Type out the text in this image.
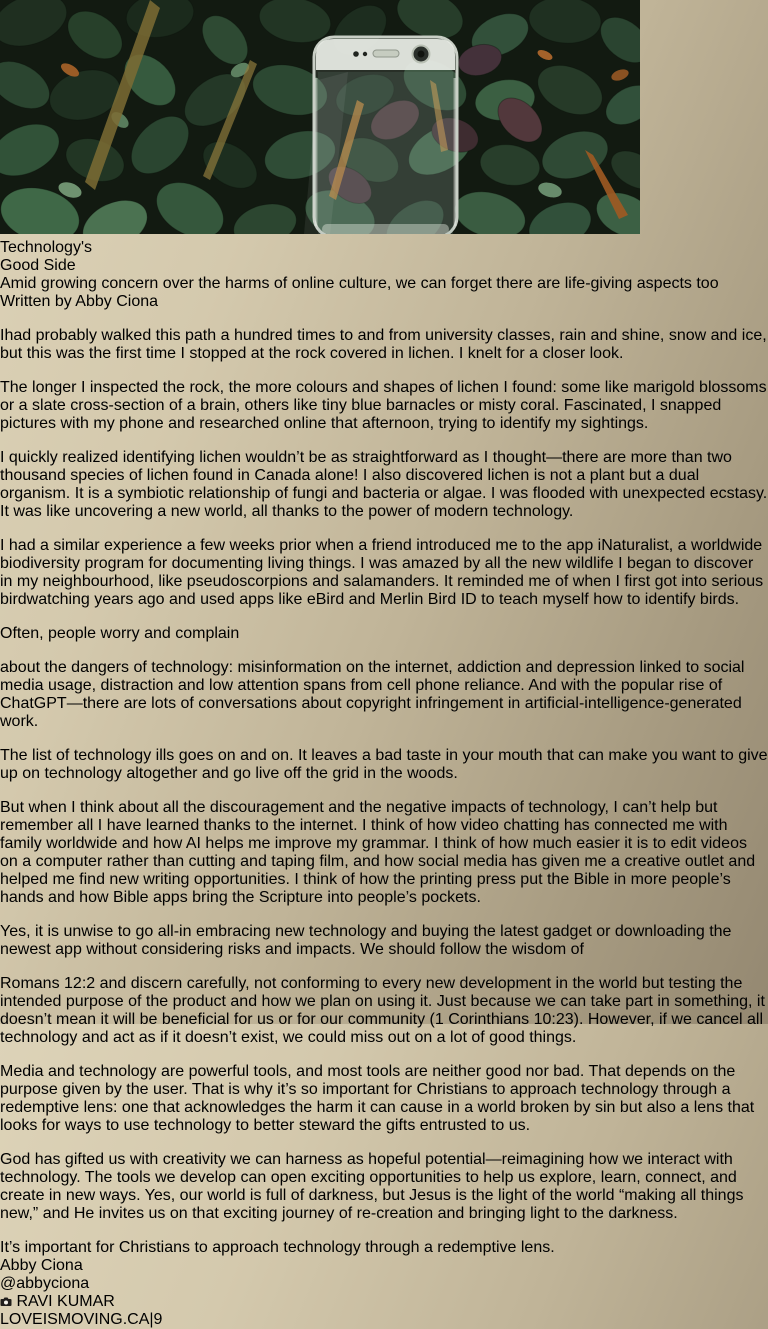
Technology's
Good Side
Amid growing concern over the harms of online culture, we can forget there are life-giving aspects too
Written by Abby Ciona

Ihad probably walked this path a hundred times to and from university classes, rain and shine, snow and ice, but this was the first time I stopped at the rock covered in lichen. I knelt for a closer look.

The longer I inspected the rock, the more colours and shapes of lichen I found: some like marigold blossoms or a slate cross-section of a brain, others like tiny blue barnacles or misty coral. Fascinated, I snapped pictures with my phone and researched online that afternoon, trying to identify my sightings.

I quickly realized identifying lichen wouldn’t be as straightforward as I thought—there are more than two thousand species of lichen found in Canada alone! I also discovered lichen is not a plant but a dual organism. It is a symbiotic relationship of fungi and bacteria or algae. I was flooded with unexpected ecstasy. It was like uncovering a new world, all thanks to the power of modern technology.

I had a similar experience a few weeks prior when a friend introduced me to the app iNaturalist, a worldwide biodiversity program for documenting living things. I was amazed by all the new wildlife I began to discover in my neighbourhood, like pseudoscorpions and salamanders. It reminded me of when I first got into serious birdwatching years ago and used apps like eBird and Merlin Bird ID to teach myself how to identify birds.

Often, people worry and complain

about the dangers of technology: misinformation on the internet, addiction and depression linked to social media usage, distraction and low attention spans from cell phone reliance. And with the popular rise of ChatGPT—there are lots of conversations about copyright infringement in artificial-intelligence-generated work.

The list of technology ills goes on and on. It leaves a bad taste in your mouth that can make you want to give up on technology altogether and go live off the grid in the woods.

But when I think about all the discouragement and the negative impacts of technology, I can’t help but remember all I have learned thanks to the internet. I think of how video chatting has connected me with family worldwide and how AI helps me improve my grammar. I think of how much easier it is to edit videos on a computer rather than cutting and taping film, and how social media has given me a creative outlet and helped me find new writing opportunities. I think of how the printing press put the Bible in more people’s hands and how Bible apps bring the Scripture into people’s pockets.

Yes, it is unwise to go all-in embracing new technology and buying the latest gadget or downloading the newest app without considering risks and impacts. We should follow the wisdom of

Romans 12:2 and discern carefully, not conforming to every new development in the world but testing the intended purpose of the product and how we plan on using it. Just because we can take part in something, it doesn’t mean it will be beneficial for us or for our community (1 Corinthians 10:23). However, if we cancel all technology and act as if it doesn’t exist, we could miss out on a lot of good things.

Media and technology are powerful tools, and most tools are neither good nor bad. That depends on the purpose given by the user. That is why it’s so important for Christians to approach technology through a redemptive lens: one that acknowledges the harm it can cause in a world broken by sin but also a lens that looks for ways to use technology to better steward the gifts entrusted to us.

God has gifted us with creativity we can harness as hopeful potential—reimagining how we interact with technology. The tools we develop can open exciting opportunities to help us explore, learn, connect, and create in new ways. Yes, our world is full of darkness, but Jesus is the light of the world “making all things new,” and He invites us on that exciting journey of re-creation and bringing light to the darkness.

It’s important for Christians to approach technology through a redemptive lens.
Abby Ciona
@abbyciona
RAVI KUMAR
LOVEISMOVING.CA|9
